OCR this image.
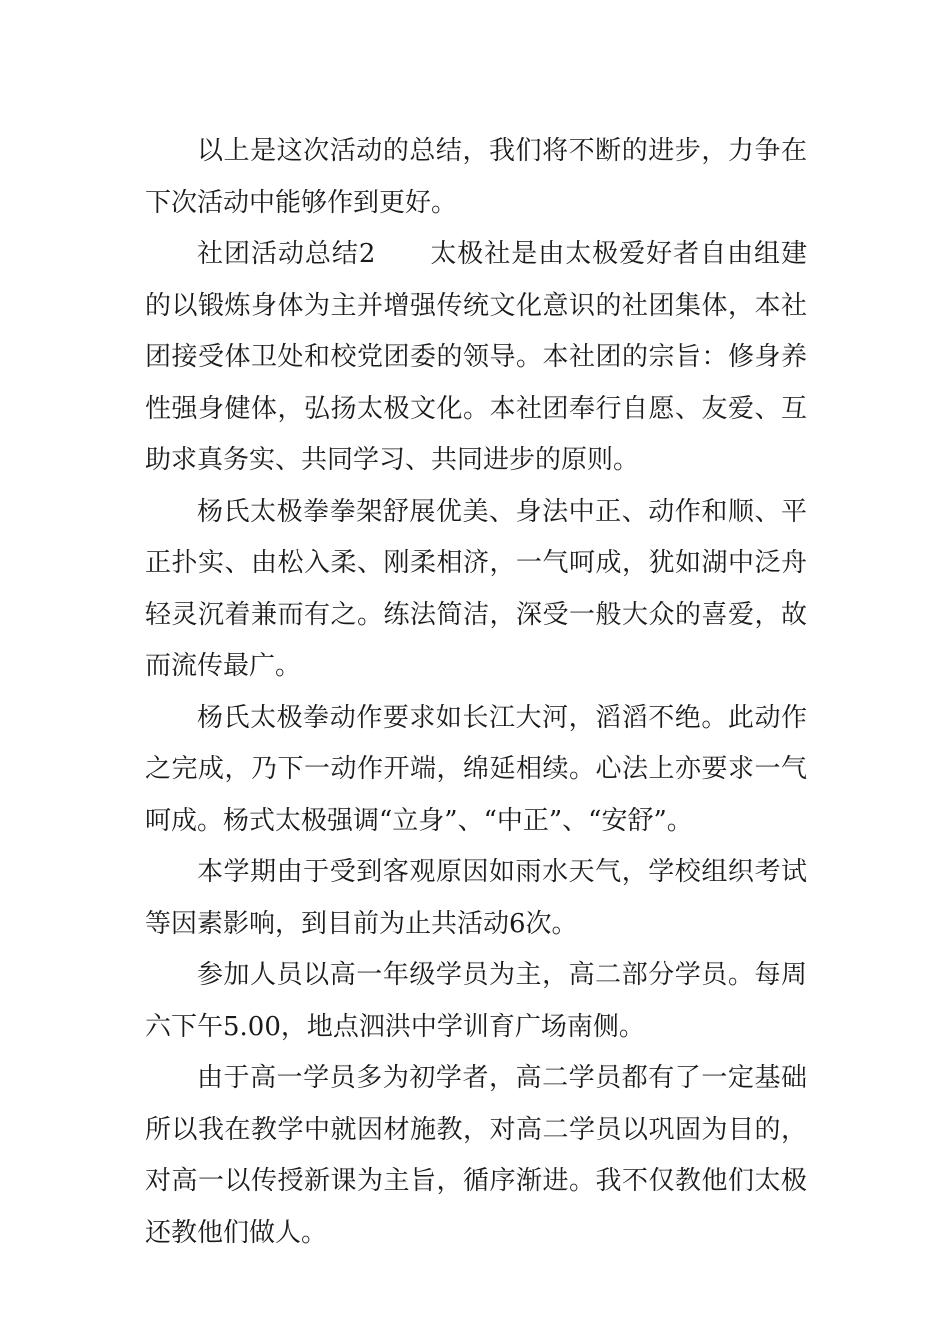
以上是这次活动的总结，我们将不断的进步，力争在下次活动中能够作到更好。

社团活动总结2　　太极社是由太极爱好者自由组建的以锻炼身体为主并增强传统文化意识的社团集体，本社团接受体卫处和校党团委的领导。本社团的宗旨：修身养性强身健体，弘扬太极文化。本社团奉行自愿、友爱、互助求真务实、共同学习、共同进步的原则。

杨氏太极拳拳架舒展优美、身法中正、动作和顺、平正扑实、由松入柔、刚柔相济，一气呵成，犹如湖中泛舟轻灵沉着兼而有之。练法简洁，深受一般大众的喜爱，故而流传最广。

杨氏太极拳动作要求如长江大河，滔滔不绝。此动作之完成，乃下一动作开端，绵延相续。心法上亦要求一气呵成。杨式太极强调“立身”、“中正”、“安舒”。

本学期由于受到客观原因如雨水天气，学校组织考试等因素影响，到目前为止共活动6次。

参加人员以高一年级学员为主，高二部分学员。每周六下午5.00，地点泗洪中学训育广场南侧。

由于高一学员多为初学者，高二学员都有了一定基础所以我在教学中就因材施教，对高二学员以巩固为目的，对高一以传授新课为主旨，循序渐进。我不仅教他们太极还教他们做人。
